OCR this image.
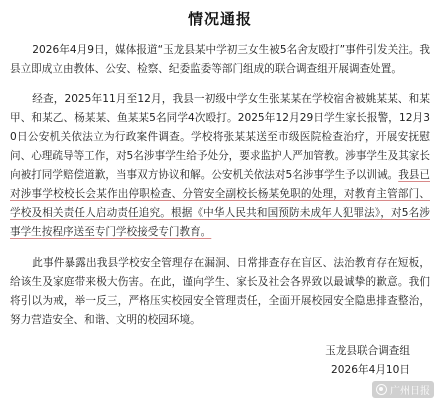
情况通报

2026年4月9日，媒体报道“玉龙县某中学初三女生被5名舍友殴打”事件引发关注。我县立即成立由教体、公安、检察、纪委监委等部门组成的联合调查组开展调查处置。

经查，2025年11月至12月，我县一初级中学女生张某某在学校宿舍被姚某某、和某甲、和某乙、杨某某、鱼某某5名同学4次殴打。2025年12月29日学生家长报警，12月30日公安机关依法立为行政案件调查。学校将张某某送至市级医院检查治疗，开展安抚慰问、心理疏导等工作，对5名涉事学生给予处分，要求监护人严加管教。涉事学生及其家长向被打同学赔偿道歉，当事双方协议和解。公安机关依法对5名涉事学生予以训诫。我县已对涉事学校校长会某作出停职检查、分管安全副校长杨某免职的处理，对教育主管部门、学校及相关责任人启动责任追究。根据《中华人民共和国预防未成年人犯罪法》，对5名涉事学生按程序送至专门学校接受专门教育。

此事件暴露出我县学校安全管理存在漏洞、日常排查存在盲区、法治教育存在短板，给该生及家庭带来极大伤害。在此，谨向学生、家长及社会各界致以最诚挚的歉意。我们将引以为戒，举一反三，严格压实校园安全管理责任，全面开展校园安全隐患排查整治，努力营造安全、和谐、文明的校园环境。

玉龙县联合调查组
2026年4月10日
广州日报
